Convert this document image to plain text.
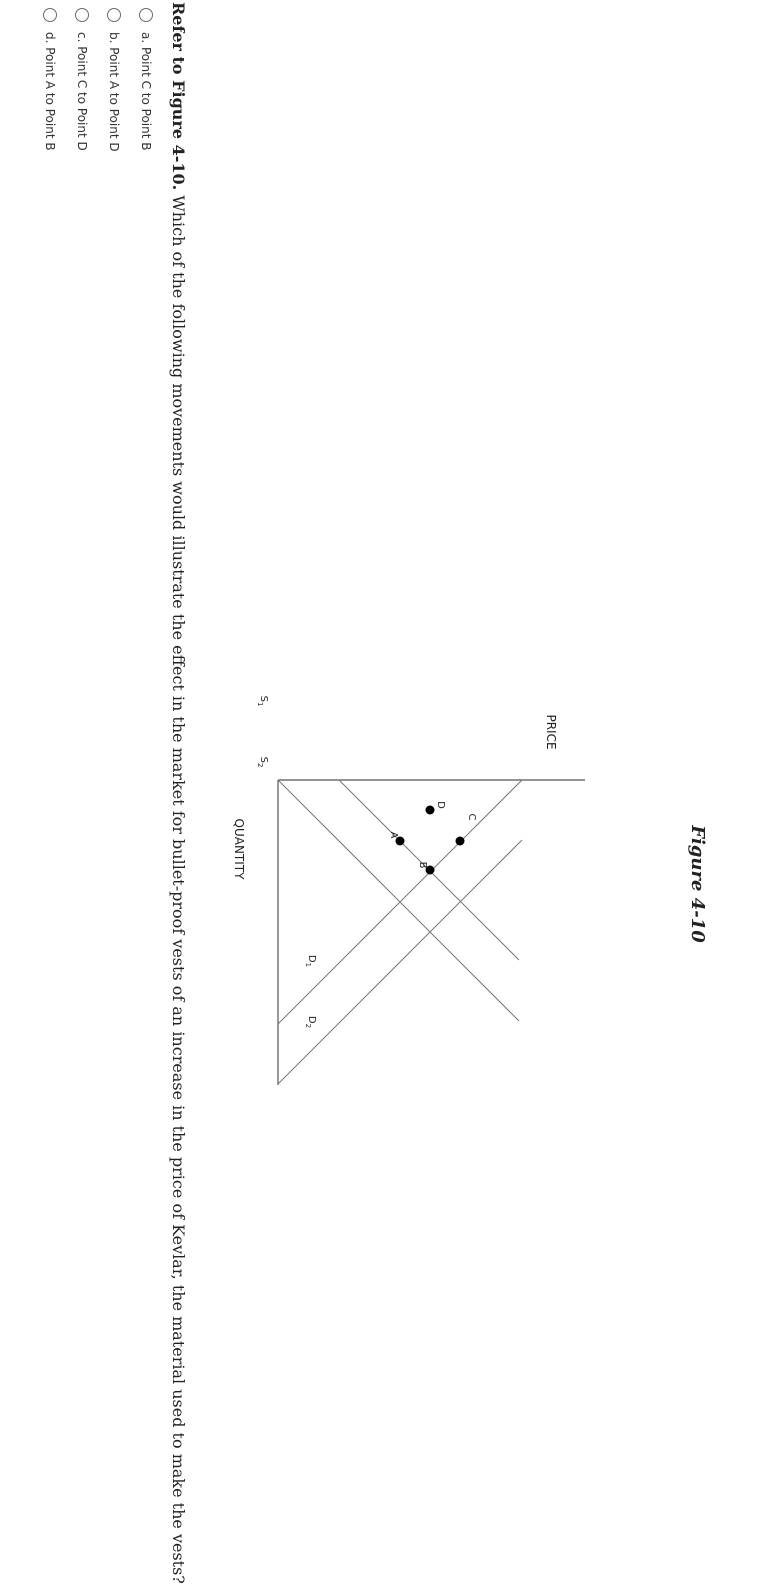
Figure 4-10
PRICE
QUANTITY	A
B
C
D
$S_1$
$S_2$
$D_1$
$D_2$

Refer to Figure 4-10. Which of the following movements would illustrate the effect in the market for bullet-proof vests of an increase in the price of Kevlar, the material used to make the vests?

a. Point C to Point B
b. Point A to Point D
c. Point C to Point D
d. Point A to Point B
